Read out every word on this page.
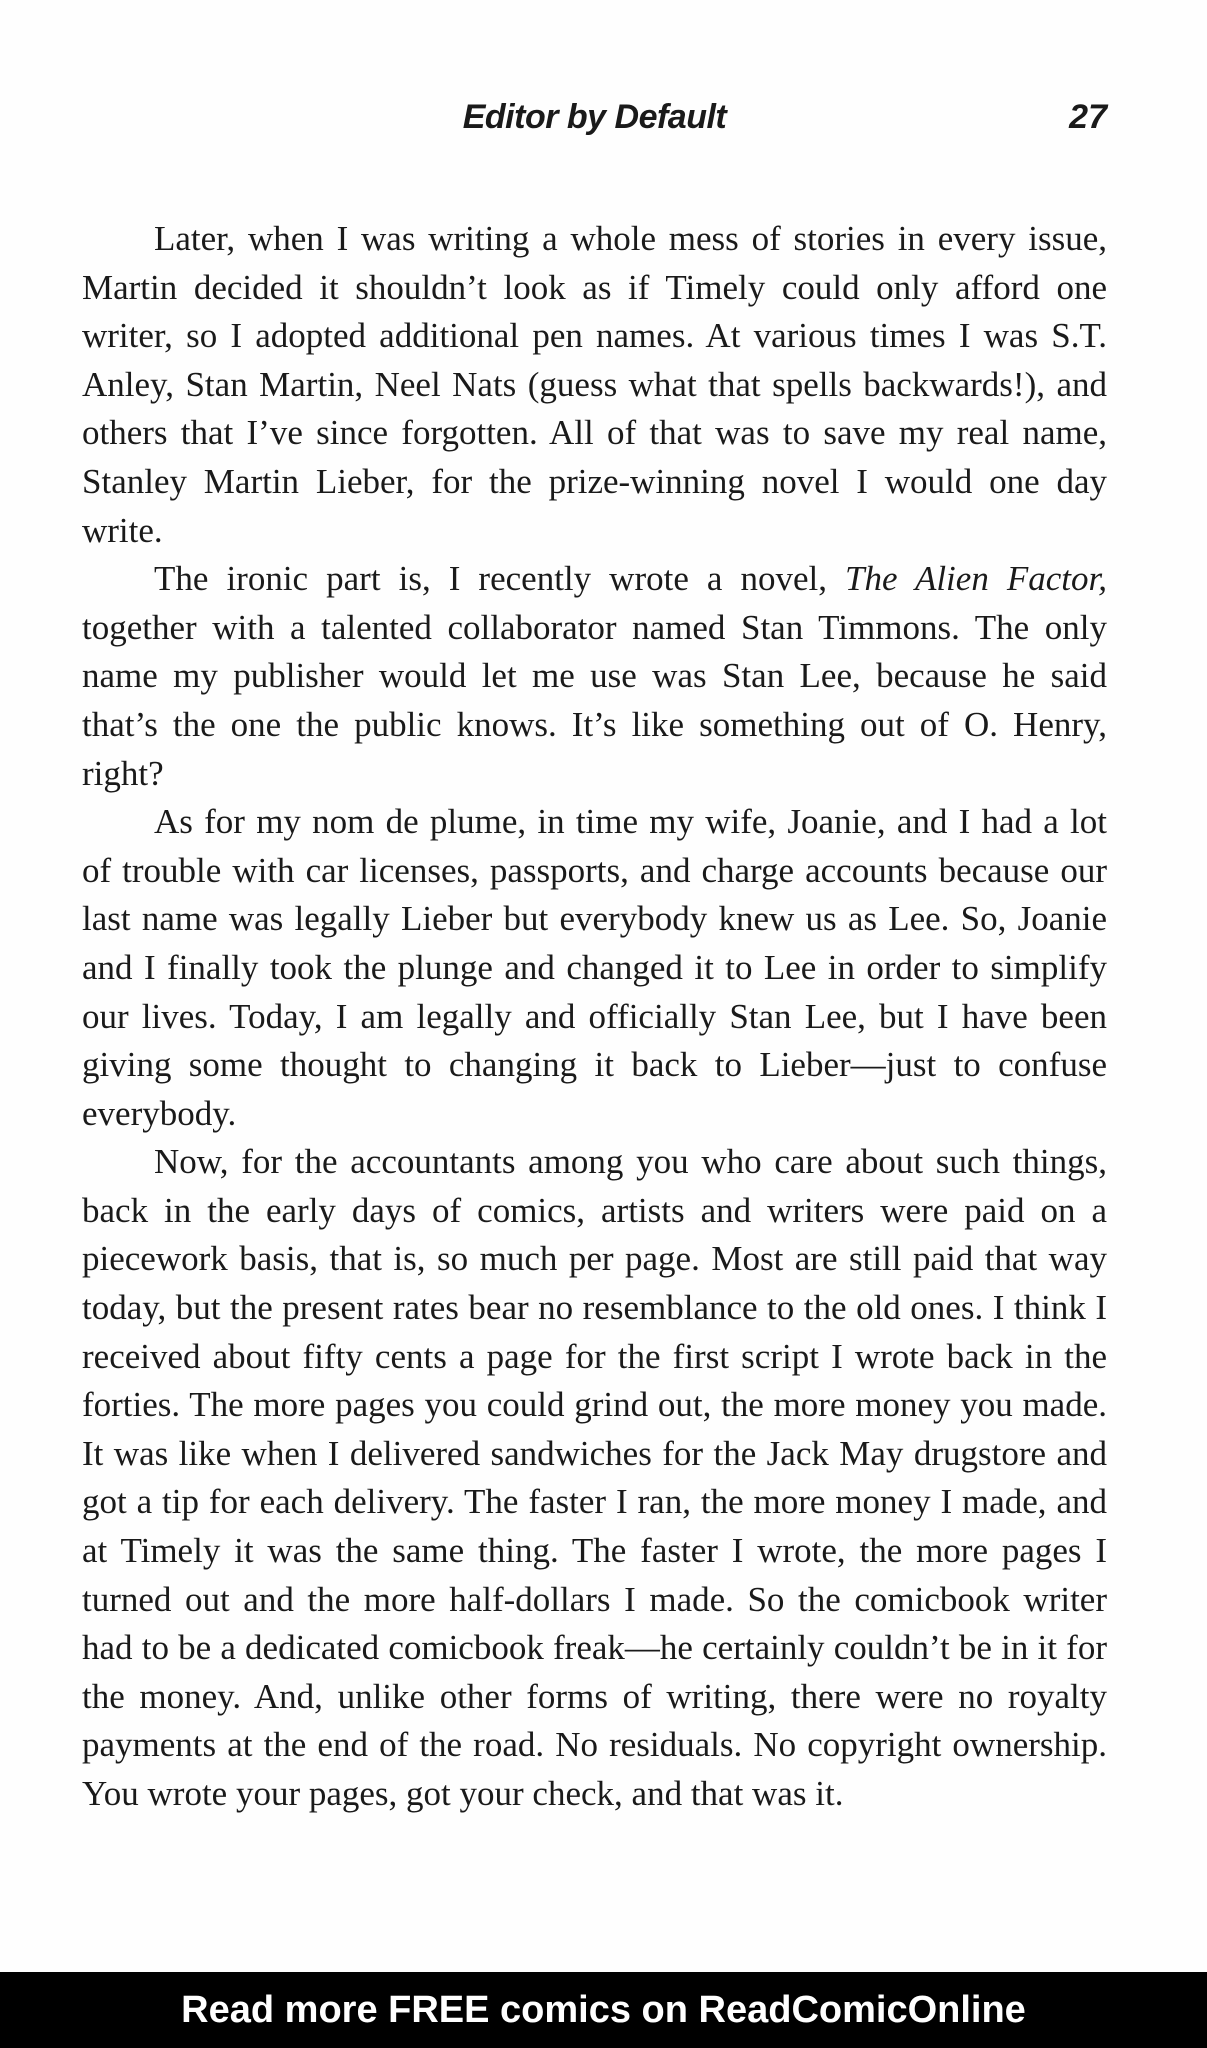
Editor by Default	27

Later, when I was writing a whole mess of stories in every issue, Martin decided it shouldn’t look as if Timely could only afford one writer, so I adopted additional pen names. At various times I was S.T. Anley, Stan Martin, Neel Nats (guess what that spells backwards!), and others that I’ve since forgotten. All of that was to save my real name, Stanley Martin Lieber, for the prize-winning novel I would one day write.

The ironic part is, I recently wrote a novel, The Alien Factor, together with a talented collaborator named Stan Timmons. The only name my publisher would let me use was Stan Lee, because he said that’s the one the public knows. It’s like something out of O. Henry, right?

As for my nom de plume, in time my wife, Joanie, and I had a lot of trouble with car licenses, passports, and charge accounts because our last name was legally Lieber but everybody knew us as Lee. So, Joanie and I finally took the plunge and changed it to Lee in order to simplify our lives. Today, I am legally and officially Stan Lee, but I have been giving some thought to changing it back to Lieber—just to confuse everybody.

Now, for the accountants among you who care about such things, back in the early days of comics, artists and writers were paid on a piecework basis, that is, so much per page. Most are still paid that way today, but the present rates bear no resemblance to the old ones. I think I received about fifty cents a page for the first script I wrote back in the forties. The more pages you could grind out, the more money you made. It was like when I delivered sandwiches for the Jack May drugstore and got a tip for each delivery. The faster I ran, the more money I made, and at Timely it was the same thing. The faster I wrote, the more pages I turned out and the more half-dollars I made. So the comicbook writer had to be a dedicated comicbook freak—he certainly couldn’t be in it for the money. And, unlike other forms of writing, there were no royalty payments at the end of the road. No residuals. No copyright ownership. You wrote your pages, got your check, and that was it.

Read more FREE comics on ReadComicOnline
